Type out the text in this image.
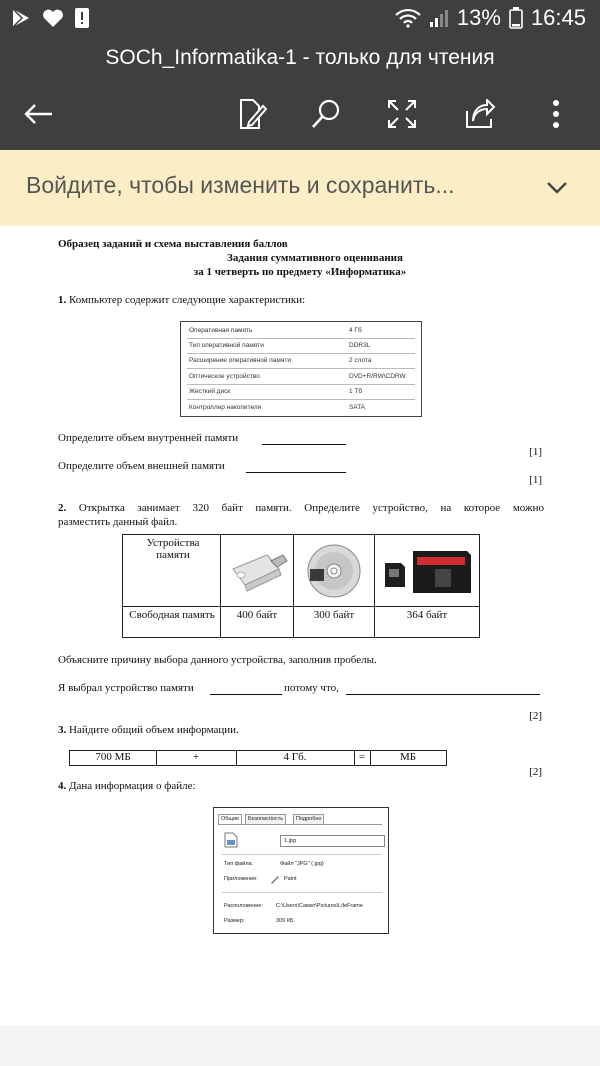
13% 16:45
SOCh_Informatika-1 - только для чтения
Войдите, чтобы изменить и сохранить...
Образец заданий и схема выставления баллов
Задания суммативного оценивания
за 1 четверть по предмету «Информатика»
1. Компьютер содержит следующие характеристики:
Оперативная память	4 Гб
Тип оперативной памяти	DDR3L
Расширение оперативной памяти	2 слота
Оптическое устройство	DVD+R/RW\CDRW
Жесткий диск	1 Тб
Контроллер накопителя	SATA
Определите объем внутренней памяти
[1]
Определите объем внешней памяти
[1]
2. Открытка занимает 320 байт памяти. Определите устройство, на которое можно
разместить данный файл.
Устройства памяти
Свободная память	400 байт	300 байт	364 байт
Объясните причину выбора данного устройства, заполнив пробелы.
Я выбрал устройство памяти	потому что,
[2]
3. Найдите общий объем информации.
700 МБ	+	4 Гб.	=	МБ
[2]
4. Дана информация о файле:
Общие	Безопасность	Подробно
1.jpg
Тип файла:	Файл "JPG" (.jpg)
Приложение:	Paint
Расположение: C:\Users\Самат\Pictures\LifeFrame
Размер:	309 КБ
